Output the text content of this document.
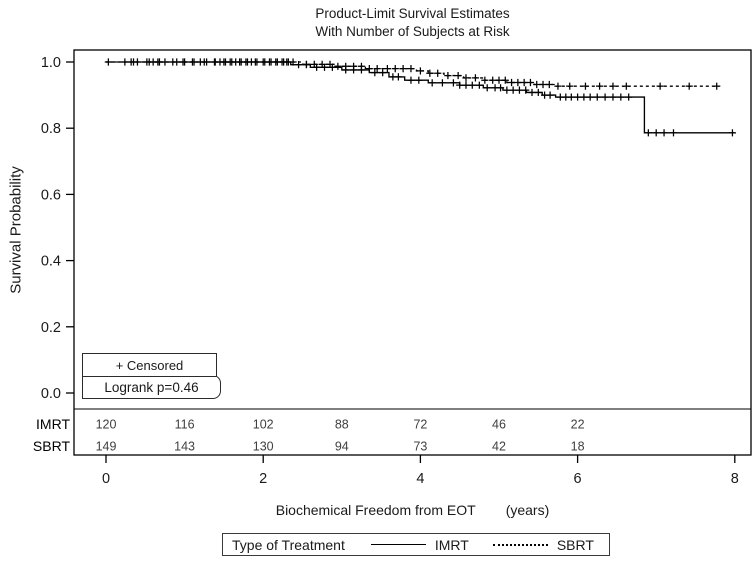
Product-Limit Survival Estimates
With Number of Subjects at Risk
Survival Probability
0.0
0.2
0.4
0.6
0.8
1.0
0	2	4	6	8
IMRT 120	116	102	88	72	46	22
SBRT 149	143	130	94	73	42	18
+ Censored
Logrank p=0.46
Biochemical Freedom from EOT (years)
Type of Treatment	IMRT	SBRT
